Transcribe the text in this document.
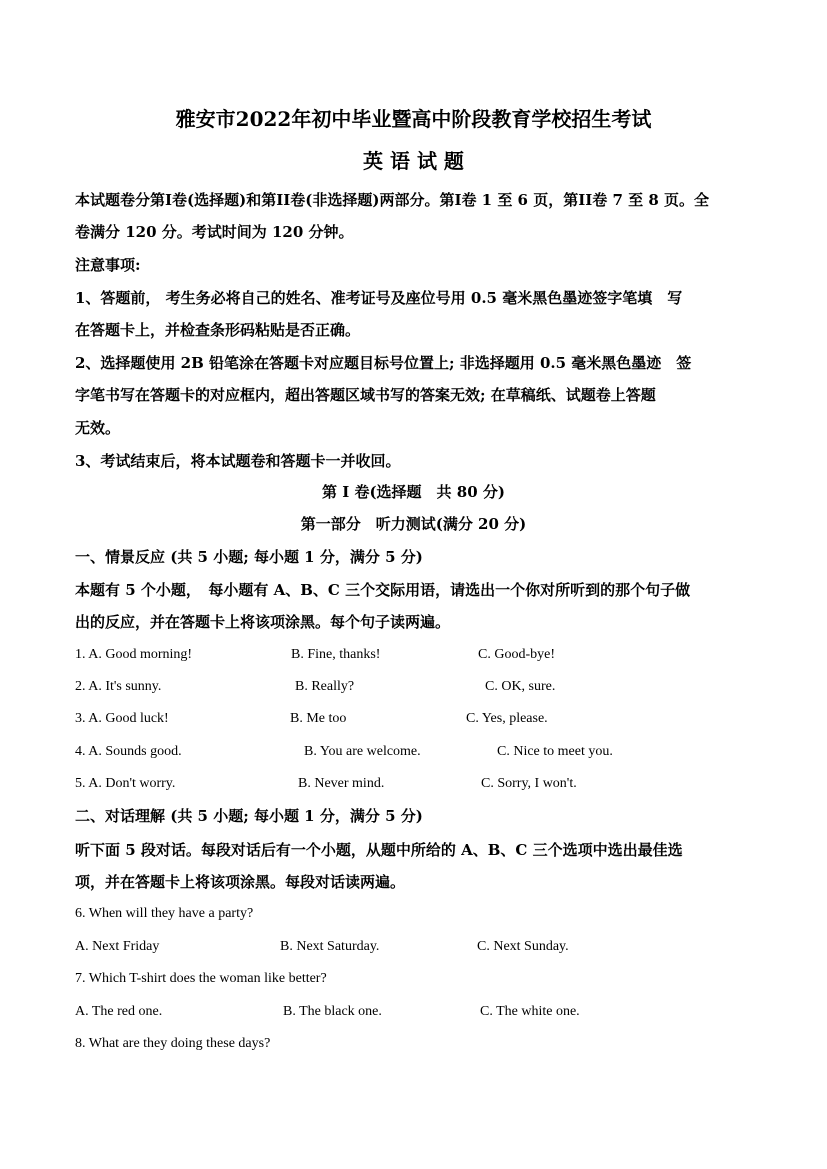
雅安市2022年初中毕业暨高中阶段教育学校招生考试
英 语 试 题
本试题卷分第I卷(选择题)和第II卷(非选择题)两部分。第I卷 1 至 6 页，第II卷 7 至 8 页。全
卷满分 120 分。考试时间为 120 分钟。
注意事项:
1、答题前， 考生务必将自己的姓名、准考证号及座位号用 0.5 毫米黑色墨迹签字笔填　写
在答题卡上，并检查条形码粘贴是否正确。
2、选择题使用 2B 铅笔涂在答题卡对应题目标号位置上; 非选择题用 0.5 毫米黑色墨迹　签
字笔书写在答题卡的对应框内，超出答题区域书写的答案无效; 在草稿纸、试题卷上答题
无效。
3、考试结束后，将本试题卷和答题卡一并收回。
第 I 卷(选择题　共 80 分)
第一部分　听力测试(满分 20 分)
一、情景反应 (共 5 小题; 每小题 1 分，满分 5 分)
本题有 5 个小题，　每小题有 A、B、C 三个交际用语，请选出一个你对所听到的那个句子做
出的反应，并在答题卡上将该项涂黑。每个句子读两遍。
1. A. Good morning!	B. Fine, thanks!	C. Good-bye!
2. A. It's sunny.	B. Really?	C. OK, sure.
3. A. Good luck!	B. Me too	C. Yes, please.
4. A. Sounds good.	B. You are welcome.	C. Nice to meet you.
5. A. Don't worry.	B. Never mind.	C. Sorry, I won't.
二、对话理解 (共 5 小题; 每小题 1 分，满分 5 分)
听下面 5 段对话。每段对话后有一个小题，从题中所给的 A、B、C 三个选项中选出最佳选
项，并在答题卡上将该项涂黑。每段对话读两遍。
6. When will they have a party?
A. Next Friday	B. Next Saturday.	C. Next Sunday.
7. Which T-shirt does the woman like better?
A. The red one.	B. The black one.	C. The white one.
8. What are they doing these days?
